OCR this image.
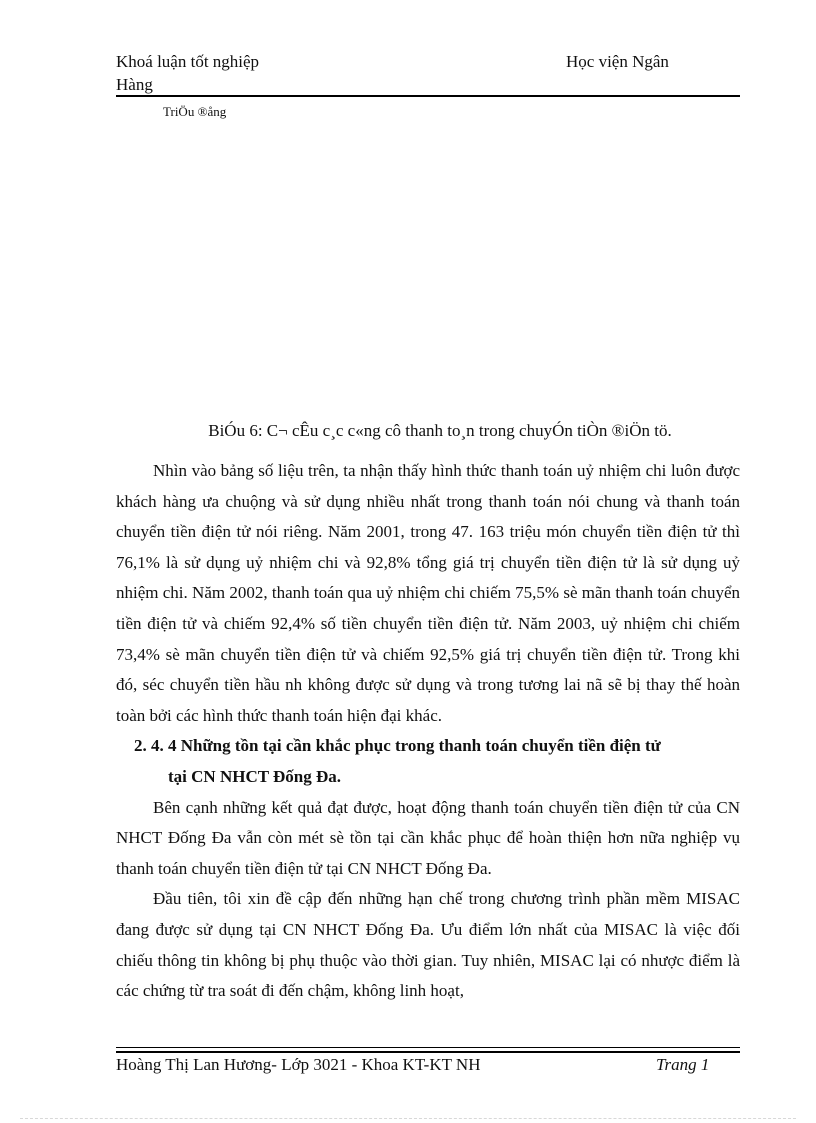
Khoá luận tốt nghiệp
Hàng
Học viện Ngân
TriÖu ®ång
BiÓu 6: C¬ cÊu c¸c c«ng cô thanh to¸n trong chuyÓn tiÒn ®iÖn tö.

Nhìn vào bảng số liệu trên, ta nhận thấy hình thức thanh toán uỷ nhiệm chi luôn được khách hàng ưa chuộng và sử dụng nhiều nhất trong thanh toán nói chung và thanh toán chuyển tiền điện tử nói riêng. Năm 2001, trong 47. 163 triệu món chuyển tiền điện tử thì 76,1% là sử dụng uỷ nhiệm chi và 92,8% tổng giá trị chuyển tiền điện tử là sử dụng uỷ nhiệm chi. Năm 2002, thanh toán qua uỷ nhiệm chi chiếm 75,5% sè mãn thanh toán chuyển tiền điện tử và chiếm 92,4% số tiền chuyển tiền điện tử. Năm 2003, uỷ nhiệm chi chiếm 73,4% sè mãn chuyển tiền điện tử và chiếm 92,5% giá trị chuyển tiền điện tử. Trong khi đó, séc chuyển tiền hầu nh không được sử dụng và trong tương lai nã sẽ bị thay thế hoàn toàn bởi các hình thức thanh toán hiện đại khác.

2. 4. 4 Những tồn tại cần khắc phục trong thanh toán chuyển tiền điện tử
tại CN NHCT Đống Đa.

Bên cạnh những kết quả đạt được, hoạt động thanh toán chuyển tiền điện tử của CN NHCT Đống Đa vẫn còn mét sè tồn tại cần khắc phục để hoàn thiện hơn nữa nghiệp vụ thanh toán chuyển tiền điện tử tại CN NHCT Đống Đa.

Đầu tiên, tôi xin đề cập đến những hạn chế trong chương trình phần mềm MISAC đang được sử dụng tại CN NHCT Đống Đa. Ưu điểm lớn nhất của MISAC là việc đối chiếu thông tin không bị phụ thuộc vào thời gian. Tuy nhiên, MISAC lại có nhược điểm là các chứng từ tra soát đi đến chậm, không linh hoạt,

Hoàng Thị Lan Hương- Lớp 3021 - Khoa KT-KT NH	Trang 1
